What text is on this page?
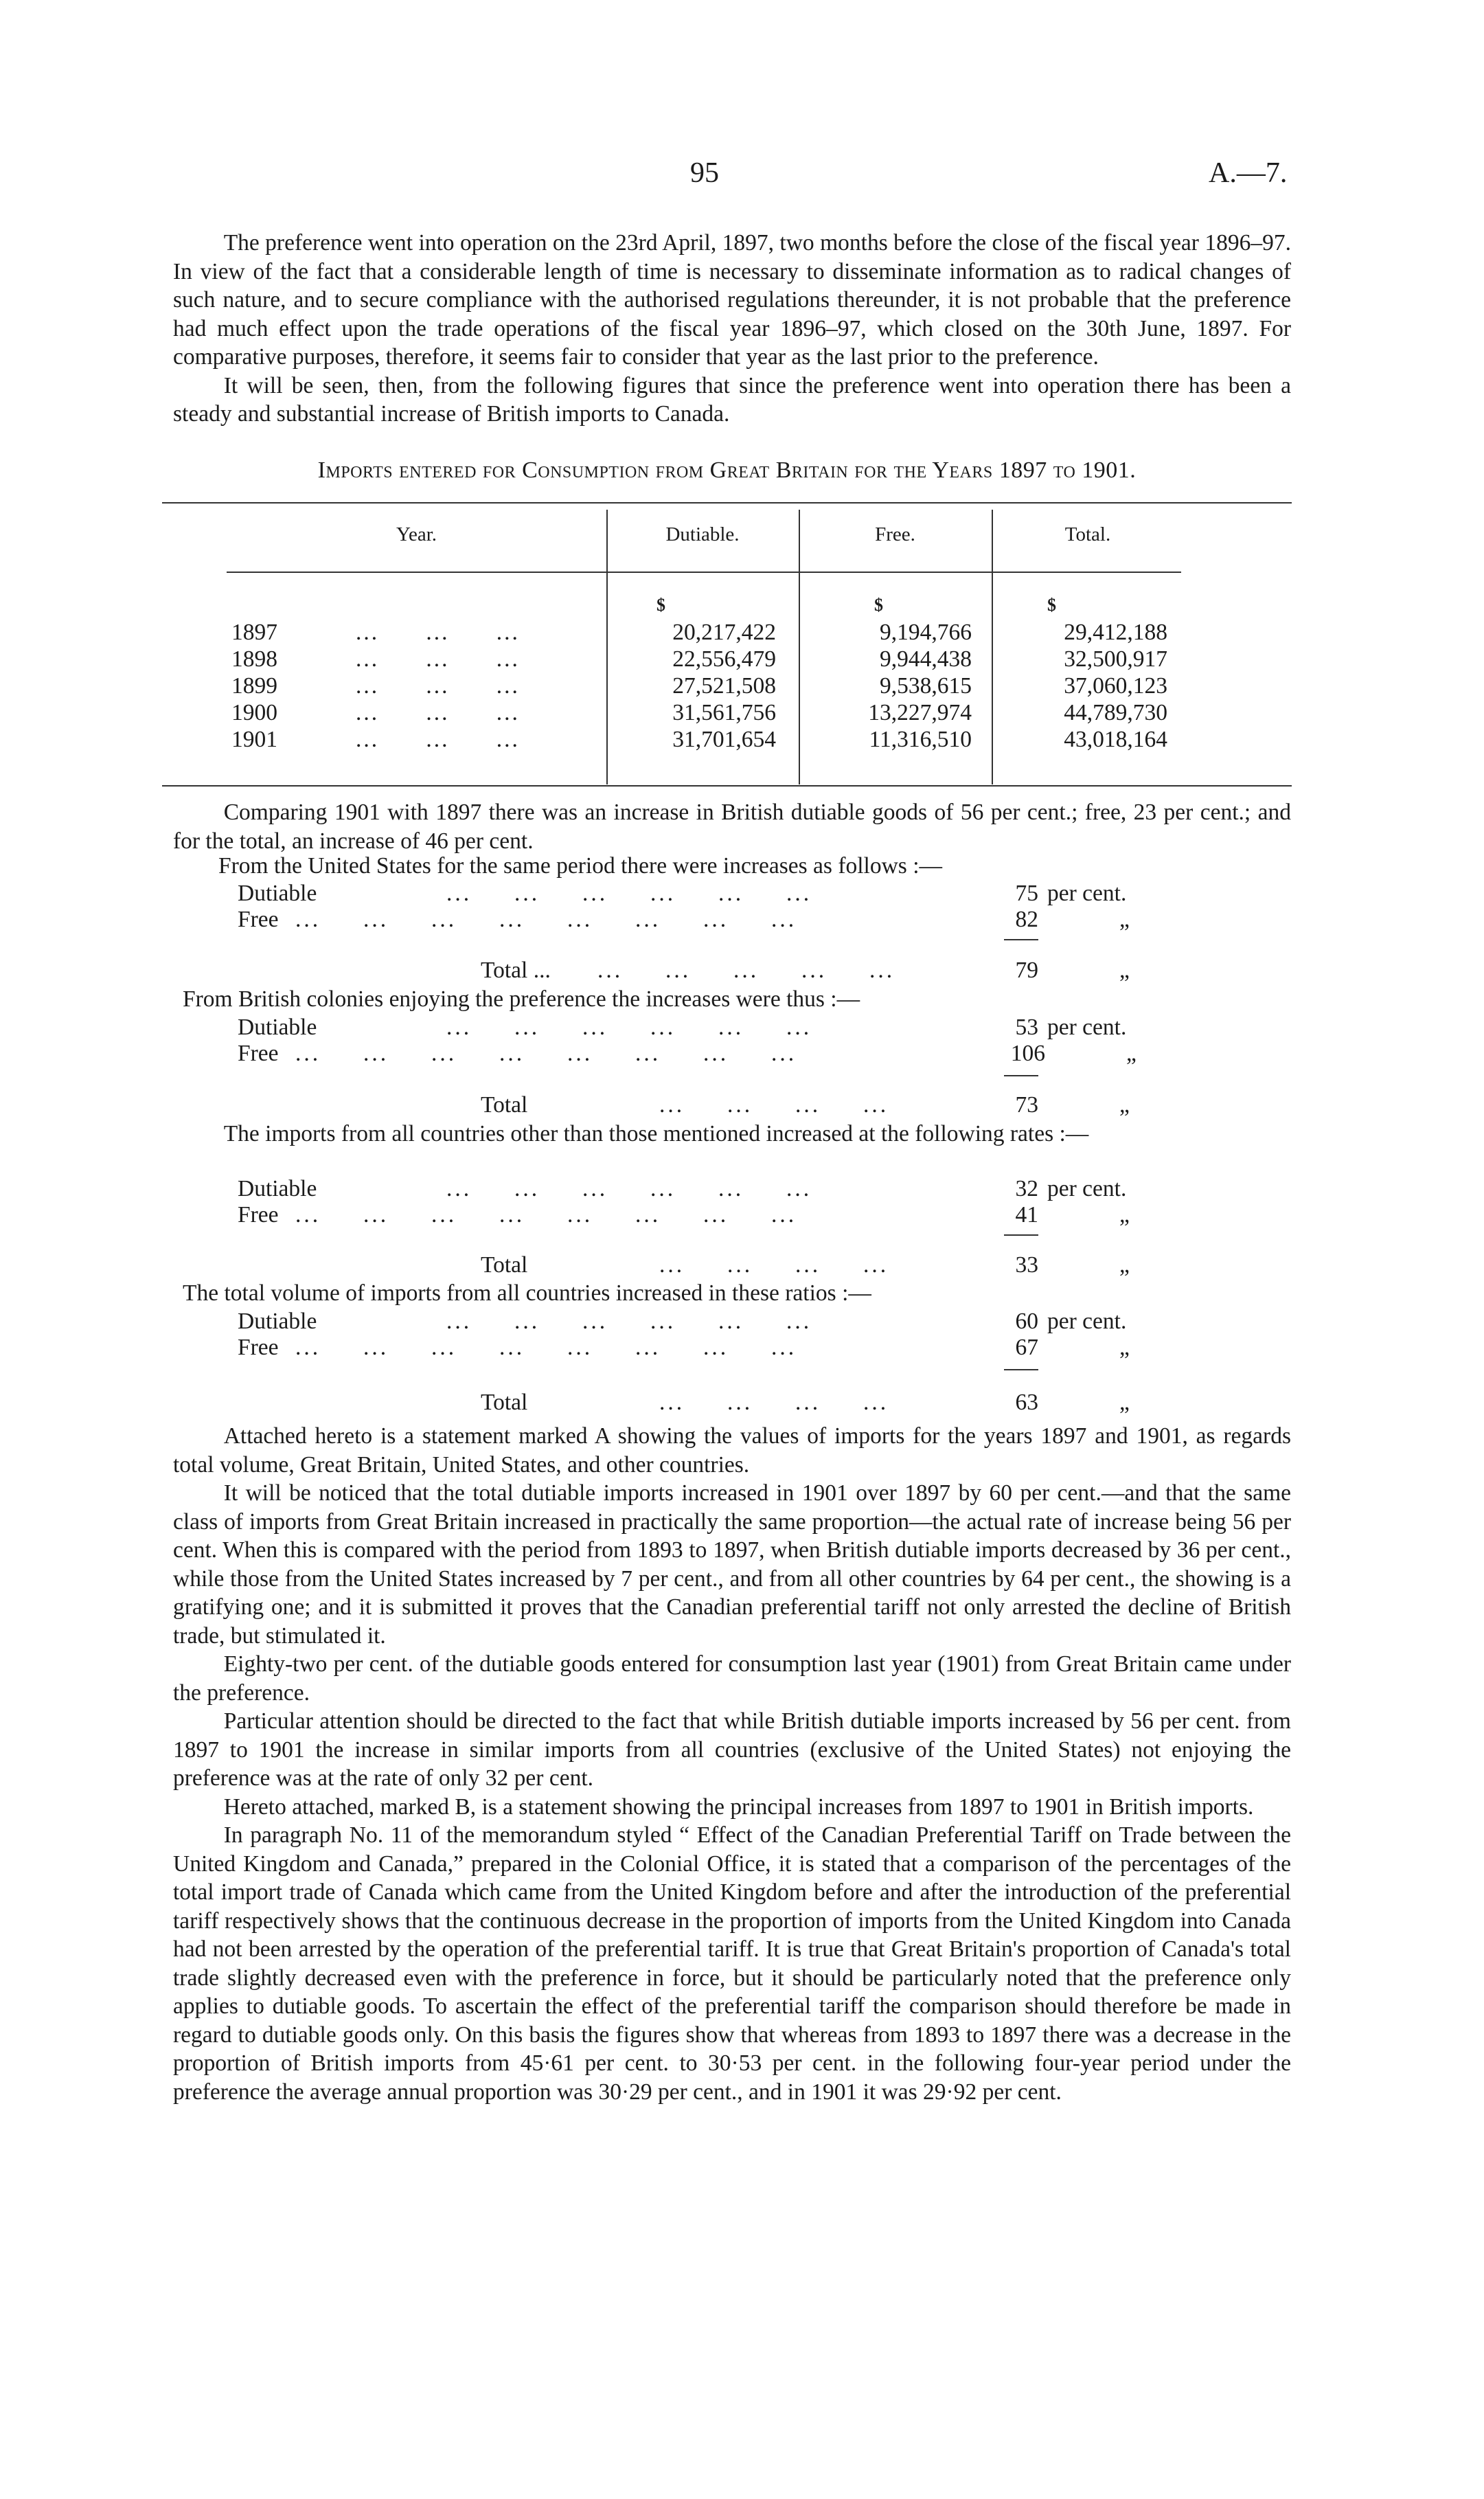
95	A.—7.

The preference went into operation on the 23rd April, 1897, two months before the close of the fiscal year 1896–97. In view of the fact that a considerable length of time is necessary to disseminate information as to radical changes of such nature, and to secure compliance with the authorised regulations thereunder, it is not probable that the preference had much effect upon the trade operations of the fiscal year 1896–97, which closed on the 30th June, 1897. For comparative purposes, therefore, it seems fair to consider that year as the last prior to the preference.

It will be seen, then, from the following figures that since the preference went into operation there has been a steady and substantial increase of British imports to Canada.

Imports entered for Consumption from Great Britain for the Years 1897 to 1901.
Year.	Dutiable.	Free.	Total.
$	$	$
1897	...      ...      ...	20,217,422	9,194,766	29,412,188
1898	...      ...      ...	22,556,479	9,944,438	32,500,917
1899	...      ...      ...	27,521,508	9,538,615	37,060,123
1900	...      ...      ...	31,561,756	13,227,974	44,789,730
1901	...      ...      ...	31,701,654	11,316,510	43,018,164

Comparing 1901 with 1897 there was an increase in British dutiable goods of 56 per cent.; free, 23 per cent.; and for the total, an increase of 46 per cent.

From the United States for the same period there were increases as follows :—
Dutiable	...     ...     ...     ...     ...     ...	75 per cent.
Free ...     ...     ...     ...     ...     ...     ...     ...	82	„
Total ... ...     ...     ...     ...     ...	79	„
From British colonies enjoying the preference the increases were thus :—
Dutiable	...     ...     ...     ...     ...     ...	53 per cent.
Free ...     ...     ...     ...     ...     ...     ...     ...	106	„
Total	...     ...     ...     ...	73	„

The imports from all countries other than those mentioned increased at the following rates :—

Dutiable	...     ...     ...     ...     ...     ...	32 per cent.
Free ...     ...     ...     ...     ...     ...     ...     ...	41	„
Total	...     ...     ...     ...	33	„
The total volume of imports from all countries increased in these ratios :—
Dutiable	...     ...     ...     ...     ...     ...	60 per cent.
Free ...     ...     ...     ...     ...     ...     ...     ...	67	„
Total	...     ...     ...     ...	63	„

Attached hereto is a statement marked A showing the values of imports for the years 1897 and 1901, as regards total volume, Great Britain, United States, and other countries.

It will be noticed that the total dutiable imports increased in 1901 over 1897 by 60 per cent.—and that the same class of imports from Great Britain increased in practically the same proportion—the actual rate of increase being 56 per cent. When this is compared with the period from 1893 to 1897, when British dutiable imports decreased by 36 per cent., while those from the United States increased by 7 per cent., and from all other countries by 64 per cent., the showing is a gratifying one; and it is submitted it proves that the Canadian preferential tariff not only arrested the decline of British trade, but stimulated it.

Eighty-two per cent. of the dutiable goods entered for consumption last year (1901) from Great Britain came under the preference.

Particular attention should be directed to the fact that while British dutiable imports increased by 56 per cent. from 1897 to 1901 the increase in similar imports from all countries (exclusive of the United States) not enjoying the preference was at the rate of only 32 per cent.

Hereto attached, marked B, is a statement showing the principal increases from 1897 to 1901 in British imports.

In paragraph No. 11 of the memorandum styled “ Effect of the Canadian Preferential Tariff on Trade between the United Kingdom and Canada,” prepared in the Colonial Office, it is stated that a comparison of the percentages of the total import trade of Canada which came from the United Kingdom before and after the introduction of the preferential tariff respectively shows that the continuous decrease in the proportion of imports from the United Kingdom into Canada had not been arrested by the operation of the preferential tariff. It is true that Great Britain's proportion of Canada's total trade slightly decreased even with the preference in force, but it should be particularly noted that the preference only applies to dutiable goods. To ascertain the effect of the preferential tariff the comparison should therefore be made in regard to dutiable goods only. On this basis the figures show that whereas from 1893 to 1897 there was a decrease in the proportion of British imports from 45·61 per cent. to 30·53 per cent. in the following four-year period under the preference the average annual proportion was 30·29 per cent., and in 1901 it was 29·92 per cent.
